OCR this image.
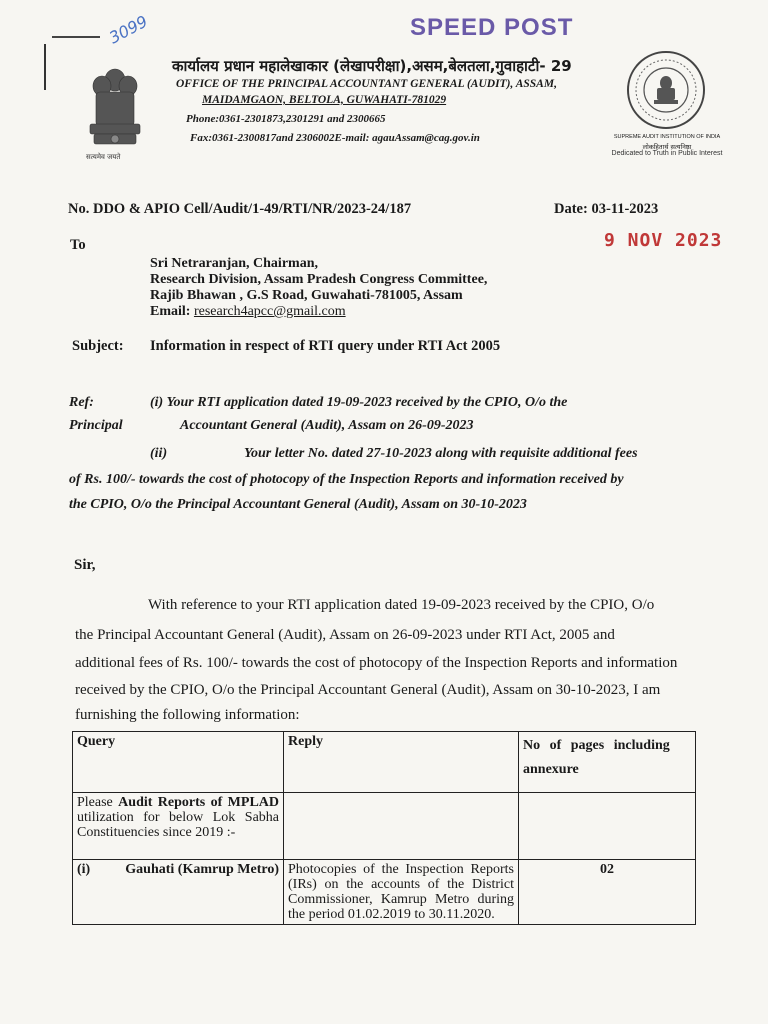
3099	SPEED POST
सत्यमेव जयते
कार्यालय प्रधान महालेखाकार (लेखापरीक्षा),असम,बेलतला,गुवाहाटी- 29
OFFICE OF THE PRINCIPAL ACCOUNTANT GENERAL (AUDIT), ASSAM,
MAIDAMGAON, BELTOLA, GUWAHATI-781029
Phone:0361-2301873,2301291 and 2300665
Fax:0361-2300817and 2306002E-mail: agauAssam@cag.gov.in	SUPREME AUDIT INSTITUTION OF INDIA
लोकहितार्थ सत्यनिष्ठा
Dedicated to Truth in Public Interest
No. DDO & APIO Cell/Audit/1-49/RTI/NR/2023-24/187	Date: 03-11-2023
To	9 NOV 2023
Sri Netraranjan, Chairman,
Research Division, Assam Pradesh Congress Committee,
Rajib Bhawan , G.S Road, Guwahati-781005, Assam
Email: research4apcc@gmail.com
Subject: Information in respect of RTI query under RTI Act 2005
Ref:	(i) Your RTI application dated 19-09-2023 received by the CPIO, O/o the
Principal	Accountant General (Audit), Assam on 26-09-2023
(ii)	Your letter No. dated 27-10-2023 along with requisite additional fees
of Rs. 100/- towards the cost of photocopy of the Inspection Reports and information received by
the CPIO, O/o the Principal Accountant General (Audit), Assam on 30-10-2023
Sir,
With reference to your RTI application dated 19-09-2023 received by the CPIO, O/o
the Principal Accountant General (Audit), Assam on 26-09-2023 under RTI Act, 2005 and
additional fees of Rs. 100/- towards the cost of photocopy of the Inspection Reports and information
received by the CPIO, O/o the Principal Accountant General (Audit), Assam on 30-10-2023, I am
furnishing the following information:
Query	Reply	No of pages including annexure
Please Audit Reports of MPLAD utilization for below Lok Sabha Constituencies since 2019 :-		

(i) Gauhati (Kamrup Metro)	Photocopies of the Inspection Reports (IRs) on the accounts of the District Commissioner, Kamrup Metro during the period 01.02.2019 to 30.11.2020.	02
